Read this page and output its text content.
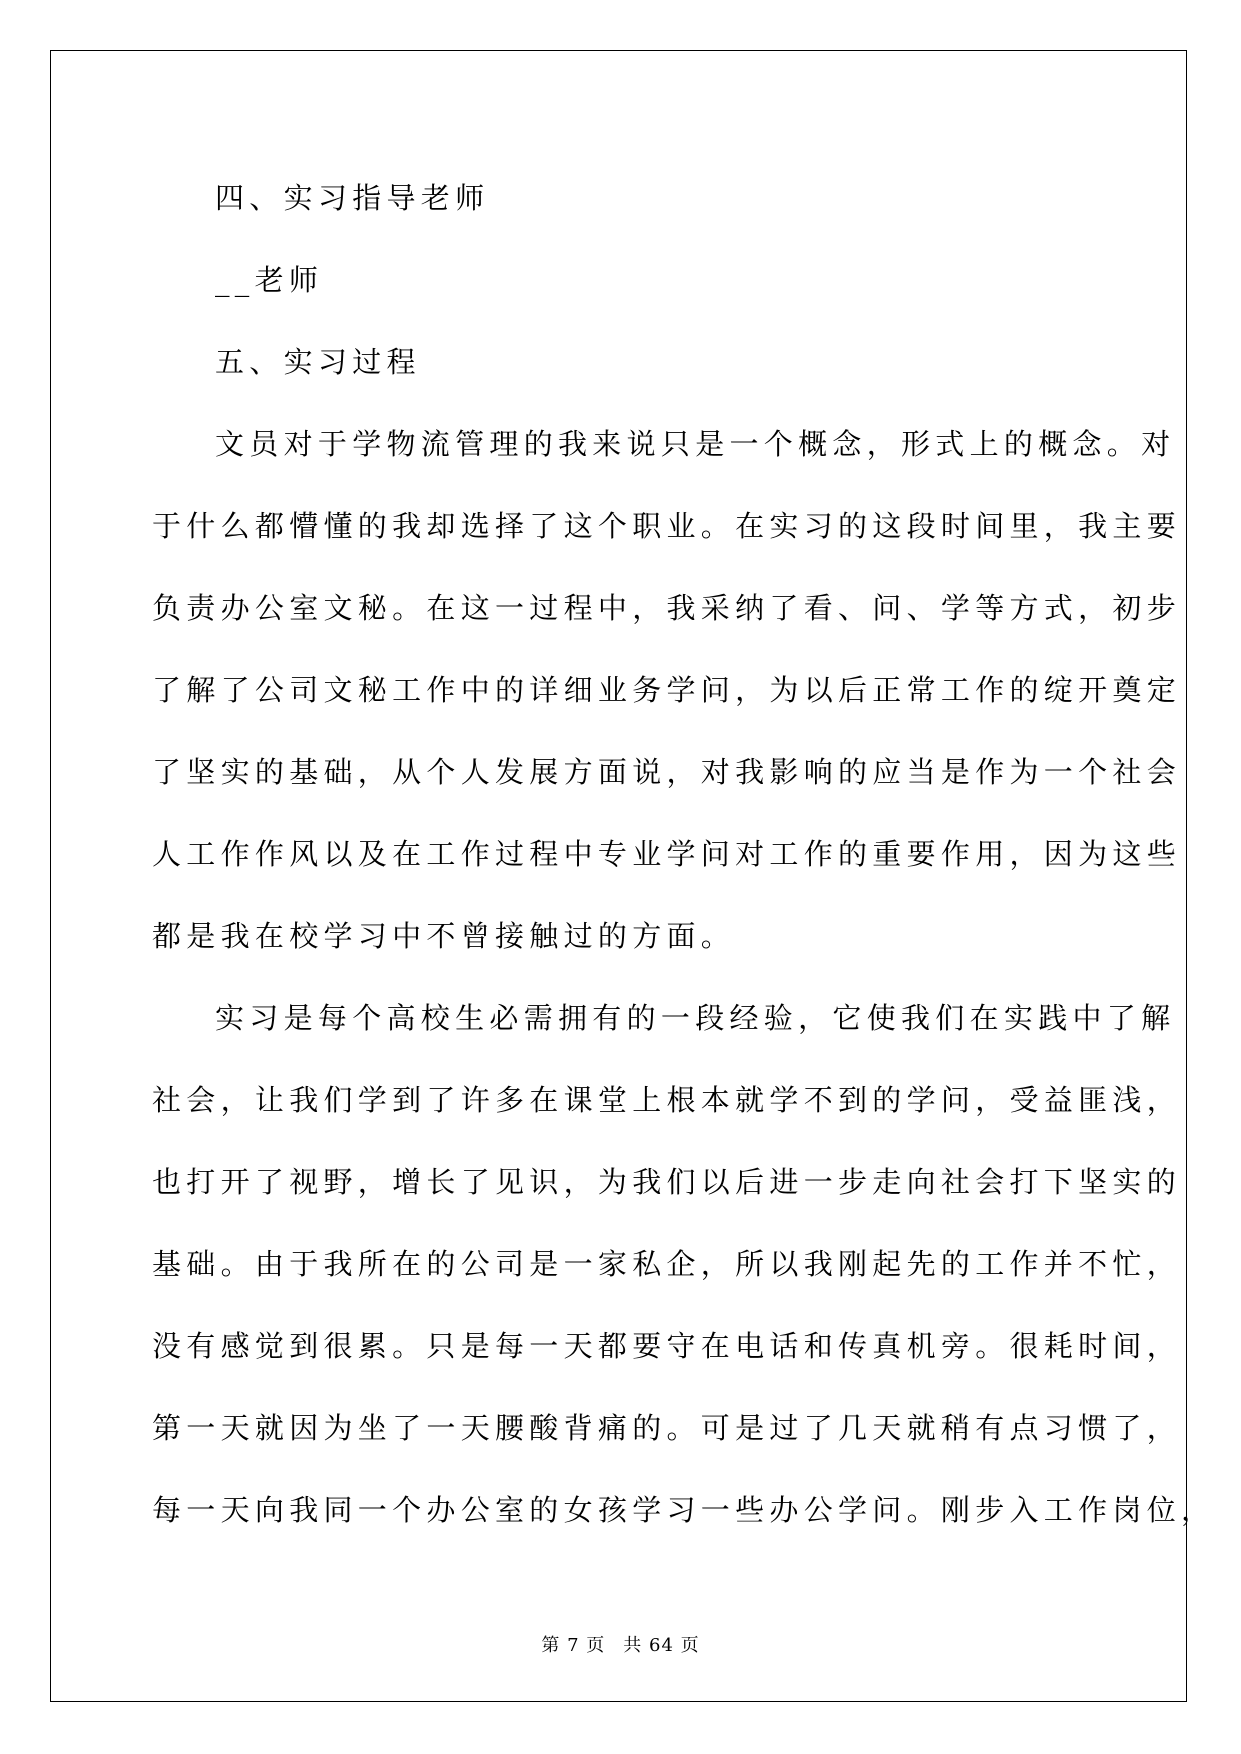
四、实习指导老师
__老师
五、实习过程
文员对于学物流管理的我来说只是一个概念，形式上的概念。对
于什么都懵懂的我却选择了这个职业。在实习的这段时间里，我主要
负责办公室文秘。在这一过程中，我采纳了看、问、学等方式，初步
了解了公司文秘工作中的详细业务学问，为以后正常工作的绽开奠定
了坚实的基础，从个人发展方面说，对我影响的应当是作为一个社会
人工作作风以及在工作过程中专业学问对工作的重要作用，因为这些
都是我在校学习中不曾接触过的方面。
实习是每个高校生必需拥有的一段经验，它使我们在实践中了解
社会，让我们学到了许多在课堂上根本就学不到的学问，受益匪浅，
也打开了视野，增长了见识，为我们以后进一步走向社会打下坚实的
基础。由于我所在的公司是一家私企，所以我刚起先的工作并不忙，
没有感觉到很累。只是每一天都要守在电话和传真机旁。很耗时间，
第一天就因为坐了一天腰酸背痛的。可是过了几天就稍有点习惯了，
每一天向我同一个办公室的女孩学习一些办公学问。刚步入工作岗位，
第 7 页 共 64 页
